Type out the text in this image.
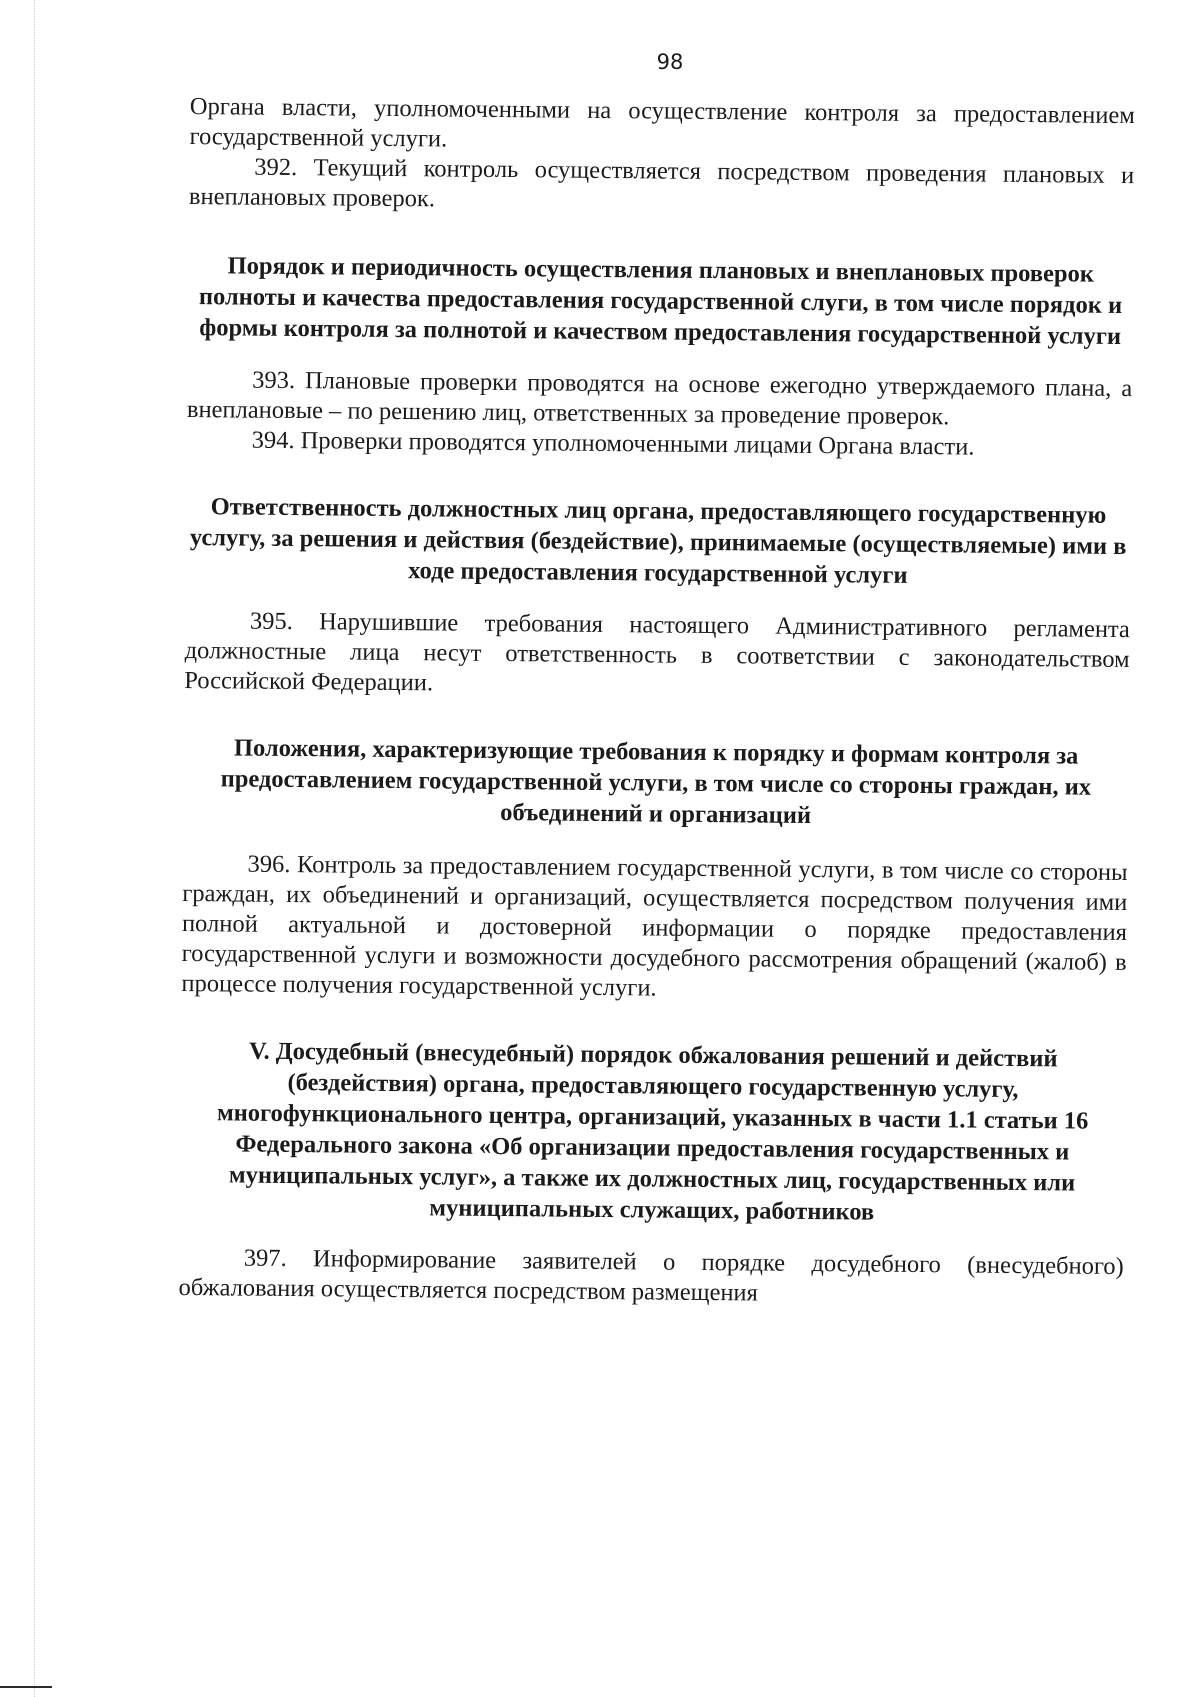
98

Органа власти, уполномоченными на осуществление контроля за предоставлением государственной услуги.

392. Текущий контроль осуществляется посредством проведения плановых и внеплановых проверок.

Порядок и периодичность осуществления плановых и внеплановых проверок полноты и качества предоставления государственной слуги, в том числе порядок и формы контроля за полнотой и качеством предоставления государственной услуги

393. Плановые проверки проводятся на основе ежегодно утверждаемого плана, а внеплановые – по решению лиц, ответственных за проведение проверок.

394. Проверки проводятся уполномоченными лицами Органа власти.

Ответственность должностных лиц органа, предоставляющего государственную услугу, за решения и действия (бездействие), принимаемые (осуществляемые) ими в ходе предоставления государственной услуги

395. Нарушившие требования настоящего Административного регламента должностные лица несут ответственность в соответствии с законодательством Российской Федерации.

Положения, характеризующие требования к порядку и формам контроля за предоставлением государственной услуги, в том числе со стороны граждан, их объединений и организаций

396. Контроль за предоставлением государственной услуги, в том числе со стороны граждан, их объединений и организаций, осуществляется посредством получения ими полной актуальной и достоверной информации о порядке предоставления государственной услуги и возможности досудебного рассмотрения обращений (жалоб) в процессе получения государственной услуги.

V. Досудебный (внесудебный) порядок обжалования решений и действий (бездействия) органа, предоставляющего государственную услугу, многофункционального центра, организаций, указанных в части 1.1 статьи 16 Федерального закона «Об организации предоставления государственных и муниципальных услуг», а также их должностных лиц, государственных или муниципальных служащих, работников

397. Информирование заявителей о порядке досудебного (внесудебного) обжалования осуществляется посредством размещения
